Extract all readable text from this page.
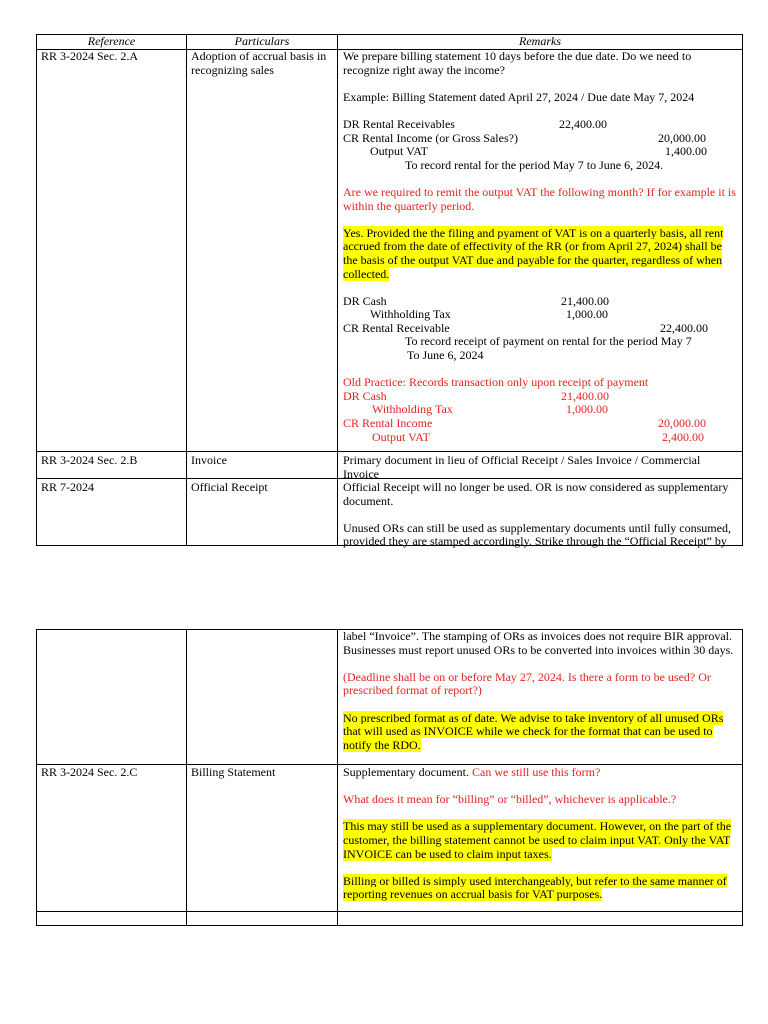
Reference	Particulars	Remarks
RR 3-2024 Sec. 2.A	Adoption of accrual basis in recognizing sales

We prepare billing statement 10 days before the due date. Do we need to recognize right away the income?

Example: Billing Statement dated April 27, 2024 / Due date May 7, 2024

DR Rental Receivables	22,400.00
CR Rental Income (or Gross Sales?)	20,000.00
Output VAT	1,400.00
To record rental for the period May 7 to June 6, 2024.

Are we required to remit the output VAT the following month? If for example it is within the quarterly period.

Yes. Provided the the filing and pyament of VAT is on a quarterly basis, all rent accrued from the date of effectivity of the RR (or from April 27, 2024) shall be the basis of the output VAT due and payable for the quarter, regardless of when collected.

DR Cash	21,400.00
Withholding Tax	1,000.00
CR Rental Receivable	22,400.00
To record receipt of payment on rental for the period May 7
To June 6, 2024
Old Practice: Records transaction only upon receipt of payment
DR Cash	21,400.00
Withholding Tax	1,000.00
CR Rental Income	20,000.00
Output VAT	2,400.00
RR 3-2024 Sec. 2.B	Invoice	Primary document in lieu of Official Receipt / Sales Invoice / Commercial Invoice
RR 7-2024	Official Receipt	Official Receipt will no longer be used. OR is now considered as supplementary document.

Unused ORs can still be used as supplementary documents until fully consumed, provided they are stamped accordingly. Strike through the “Official Receipt” by

label “Invoice”. The stamping of ORs as invoices does not require BIR approval. Businesses must report unused ORs to be converted into invoices within 30 days.

(Deadline shall be on or before May 27, 2024. Is there a form to be used? Or prescribed format of report?)

No prescribed format as of date. We advise to take inventory of all unused ORs that will used as INVOICE while we check for the format that can be used to notify the RDO.

RR 3-2024 Sec. 2.C	Billing Statement	Supplementary document. Can we still use this form?

What does it mean for “billing” or “billed”, whichever is applicable.?

This may still be used as a supplementary document. However, on the part of the customer, the billing statement cannot be used to claim input VAT. Only the VAT INVOICE can be used to claim input taxes.

Billing or billed is simply used interchangeably, but refer to the same manner of reporting revenues on accrual basis for VAT purposes.
